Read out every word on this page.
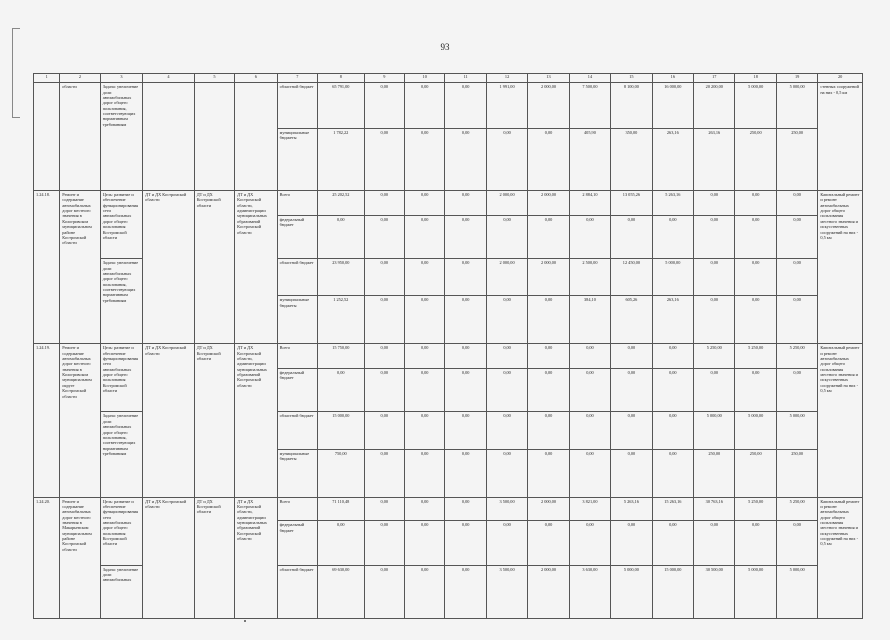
93
1	2	3	4	5	6	7	8	9	10	11	12	13	14	15	16	17	18	19	20
	области	Задача: увеличение доли автомобильных дорог общего пользования, соответствующих нормативным требованиям				областной бюджет	65 791,00	0,00	0,00	0,00	1 991,00	2 000,00	7 500,00	8 100,00	16 000,00	20 200,00	5 000,00	5 000,00	стенных сооружений на них - 0,5 км
						муниципальные бюджеты	1 782,22	0,00	0,00	0,00	0,00	0,00	405,90	350,00	263,16	263,16	250,00	250,00	
1.24.18.	Ремонт и содержание автомобильных дорог местного значения в Кологривском муниципальном районе Костромской области	Цель: развитие и обеспечение функционирования сети автомобильных дорог общего пользования Костромской области	ДТ и ДХ Костромской области	ДТ и ДХ Костромской области	ДТ и ДХ Костромской области, администрации муниципальных образований Костромской области	Всего	25 202,52	0,00	0,00	0,00	2 000,00	2 000,00	2 884,10	13 055,26	5 263,16	0,00	0,00	0,00	Капитальный ремонт и ремонт автомобильных дорог общего пользования местного значения и искусственных сооружений на них - 0,5 км
						федеральный бюджет	0,00	0,00	0,00	0,00	0,00	0,00	0,00	0,00	0,00	0,00	0,00	0,00	
		Задача: увеличение доли автомобильных дорог общего пользования, соответствующих нормативным требованиям				областной бюджет	23 950,00	0,00	0,00	0,00	2 000,00	2 000,00	2 500,00	12 450,00	5 000,00	0,00	0,00	0,00	
						муниципальные бюджеты	1 252,52	0,00	0,00	0,00	0,00	0,00	384,10	605,26	263,16	0,00	0,00	0,00	
1.24.19.	Ремонт и содержание автомобильных дорог местного значения в Кологривском муниципальном округе Костромской области	Цель: развитие и обеспечение функционирования сети автомобильных дорог общего пользования Костромской области	ДТ и ДХ Костромской области	ДТ и ДХ Костромской области	ДТ и ДХ Костромской области, администрации муниципальных образований Костромской области	Всего	15 750,00	0,00	0,00	0,00	0,00	0,00	0,00	0,00	0,00	5 250,00	5 250,00	5 250,00	Капитальный ремонт и ремонт автомобильных дорог общего пользования местного значения и искусственных сооружений на них - 0,5 км
						федеральный бюджет	0,00	0,00	0,00	0,00	0,00	0,00	0,00	0,00	0,00	0,00	0,00	0,00	
		Задача: увеличение доли автомобильных дорог общего пользования, соответствующих нормативным требованиям				областной бюджет	15 000,00	0,00	0,00	0,00	0,00	0,00	0,00	0,00	0,00	5 000,00	5 000,00	5 000,00	
						муниципальные бюджеты	750,00	0,00	0,00	0,00	0,00	0,00	0,00	0,00	0,00	250,00	250,00	250,00	
1.24.20.	Ремонт и содержание автомобильных дорог местного значения в Макарьевском муниципальном районе Костромской области	Цель: развитие и обеспечение функционирования сети автомобильных дорог общего пользования Костромской области	ДТ и ДХ Костромской области	ДТ и ДХ Костромской области	ДТ и ДХ Костромской области, администрации муниципальных образований Костромской области	Всего	71 110,48	0,00	0,00	0,00	3 500,00	2 000,00	3 821,00	5 263,16	15 263,16	30 763,16	5 250,00	5 250,00	Капитальный ремонт и ремонт автомобильных дорог общего пользования местного значения и искусственных сооружений на них - 0,5 км
						федеральный бюджет	0,00	0,00	0,00	0,00	0,00	0,00	0,00	0,00	0,00	0,00	0,00	0,00	
		Задача: увеличение доли автомобильных				областной бюджет	69 630,00	0,00	0,00	0,00	3 500,00	2 000,00	3 630,00	5 000,00	15 000,00	30 500,00	5 000,00	5 000,00	
